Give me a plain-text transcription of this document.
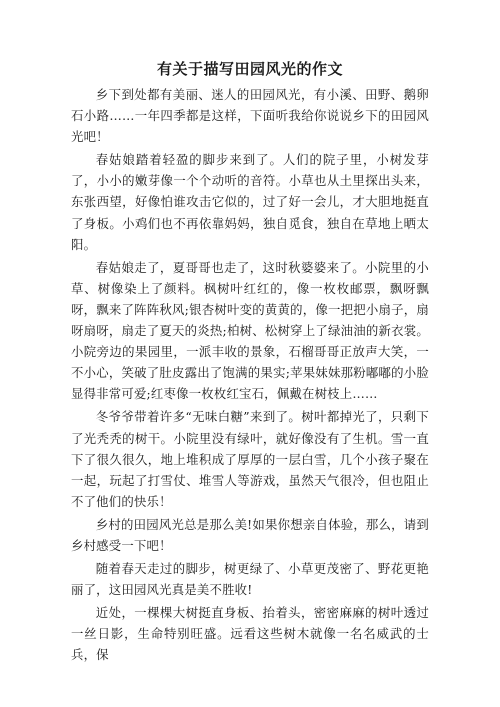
有关于描写田园风光的作文

乡下到处都有美丽、迷人的田园风光，有小溪、田野、鹅卵石小路……一年四季都是这样，下面听我给你说说乡下的田园风光吧！

春姑娘踏着轻盈的脚步来到了。人们的院子里，小树发芽了，小小的嫩芽像一个个动听的音符。小草也从土里探出头来，东张西望，好像怕谁攻击它似的，过了好一会儿，才大胆地挺直了身板。小鸡们也不再依靠妈妈，独自觅食，独自在草地上晒太阳。

春姑娘走了，夏哥哥也走了，这时秋婆婆来了。小院里的小草、树像染上了颜料。枫树叶红红的，像一枚枚邮票，飘呀飘呀，飘来了阵阵秋风;银杏树叶变的黄黄的，像一把把小扇子，扇呀扇呀，扇走了夏天的炎热;柏树、松树穿上了绿油油的新衣裳。小院旁边的果园里，一派丰收的景象，石榴哥哥正放声大笑，一不小心，笑破了肚皮露出了饱满的果实;苹果妹妹那粉嘟嘟的小脸显得非常可爱;红枣像一枚枚红宝石，佩戴在树枝上……

冬爷爷带着许多“无味白糖”来到了。树叶都掉光了，只剩下了光秃秃的树干。小院里没有绿叶，就好像没有了生机。雪一直下了很久很久，地上堆积成了厚厚的一层白雪，几个小孩子聚在一起，玩起了打雪仗、堆雪人等游戏，虽然天气很冷，但也阻止不了他们的快乐！

乡村的田园风光总是那么美!如果你想亲自体验，那么，请到乡村感受一下吧！

随着春天走过的脚步，树更绿了、小草更茂密了、野花更艳丽了，这田园风光真是美不胜收!

近处，一棵棵大树挺直身板、抬着头，密密麻麻的树叶透过一丝日影，生命特别旺盛。远看这些树木就像一名名威武的士兵，保
